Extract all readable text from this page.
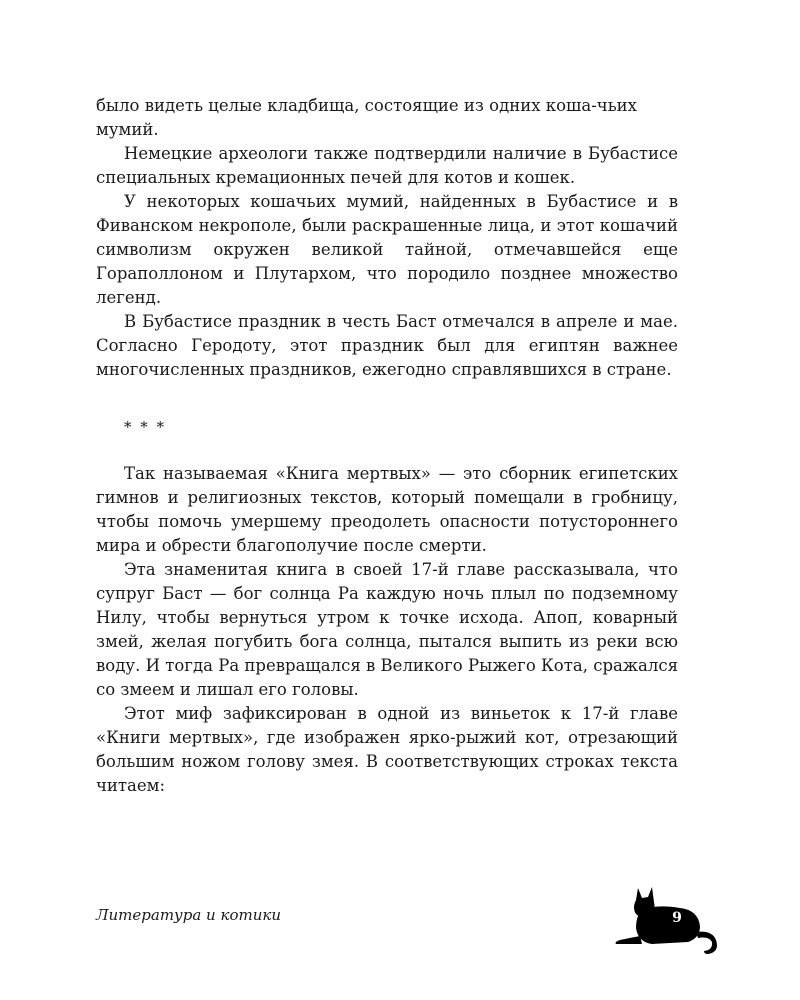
было видеть целые кладбища, состоящие из одних коша-чьих мумий.

Немецкие археологи также подтвердили наличие в Бубастисе специальных кремационных печей для котов и кошек.

У некоторых кошачьих мумий, найденных в Бубастисе и в Фиванском некрополе, были раскрашенные лица, и этот кошачий символизм окружен великой тайной, отмечавшейся еще Гораполлоном и Плутархом, что породило позднее множество легенд.

В Бубастисе праздник в честь Баст отмечался в апреле и мае. Согласно Геродоту, этот праздник был для египтян важнее многочисленных праздников, ежегодно справлявшихся в стране.

* * *

Так называемая «Книга мертвых» — это сборник египетских гимнов и религиозных текстов, который помещали в гробницу, чтобы помочь умершему преодолеть опасности потустороннего мира и обрести благополучие после смерти.

Эта знаменитая книга в своей 17-й главе рассказывала, что супруг Баст — бог солнца Ра каждую ночь плыл по подземному Нилу, чтобы вернуться утром к точке исхода. Апоп, коварный змей, желая погубить бога солнца, пытался выпить из реки всю воду. И тогда Ра превращался в Великого Рыжего Кота, сражался со змеем и лишал его головы.

Этот миф зафиксирован в одной из виньеток к 17-й главе «Книги мертвых», где изображен ярко-рыжий кот, отрезающий большим ножом голову змея. В соответствующих строках текста читаем:

Литература и котики	9
